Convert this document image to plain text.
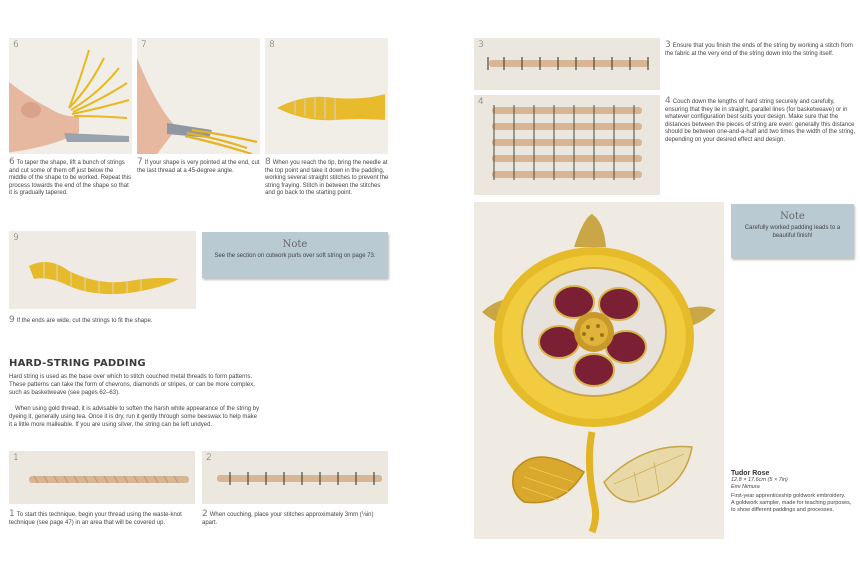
6	7	8
6 To taper the shape, lift a bunch of strings and cut some of them off just below the middle of the shape to be worked. Repeat this process towards the end of the shape so that it is gradually tapered.
7 If your shape is very pointed at the end, cut the last thread at a 45-degree angle.
8 When you reach the tip, bring the needle at the top point and take it down in the padding, working several straight stitches to prevent the string fraying. Stitch in between the stitches and go back to the starting point.
9
Note
See the section on cutwork purls over soft string on page 73.
9 If the ends are wide, cut the strings to fit the shape.
HARD-STRING PADDING
Hard string is used as the base over which to stitch couched metal threads to form patterns. These patterns can take the form of chevrons, diamonds or stripes, or can be more complex, such as basketweave (see pages 62–63).
When using gold thread, it is advisable to soften the harsh white appearance of the string by dyeing it, generally using tea. Once it is dry, run it gently through some beeswax to help make it a little more malleable. If you are using silver, the string can be left undyed.
1	2
1 To start this technique, begin your thread using the waste-knot technique (see page 47) in an area that will be covered up.
2 When couching, place your stitches approximately 3mm (⅛in) apart.
3	3 Ensure that you finish the ends of the string by working a stitch from the fabric at the very end of the string down into the string itself.
4	4 Couch down the lengths of hard string securely and carefully, ensuring that they lie in straight, parallel lines (for basketweave) or in whatever configuration best suits your design. Make sure that the distances between the pieces of string are even: generally this distance should be between one-and-a-half and two times the width of the string, depending on your desired effect and design.
Note
Carefully worked padding leads to a beautiful finish!
Tudor Rose
12.8 × 17.6cm (5 × 7in)
Emi Nimura
First-year apprenticeship goldwork embroidery.
A goldwork sampler, made for teaching purposes, to show different paddings and processes.
